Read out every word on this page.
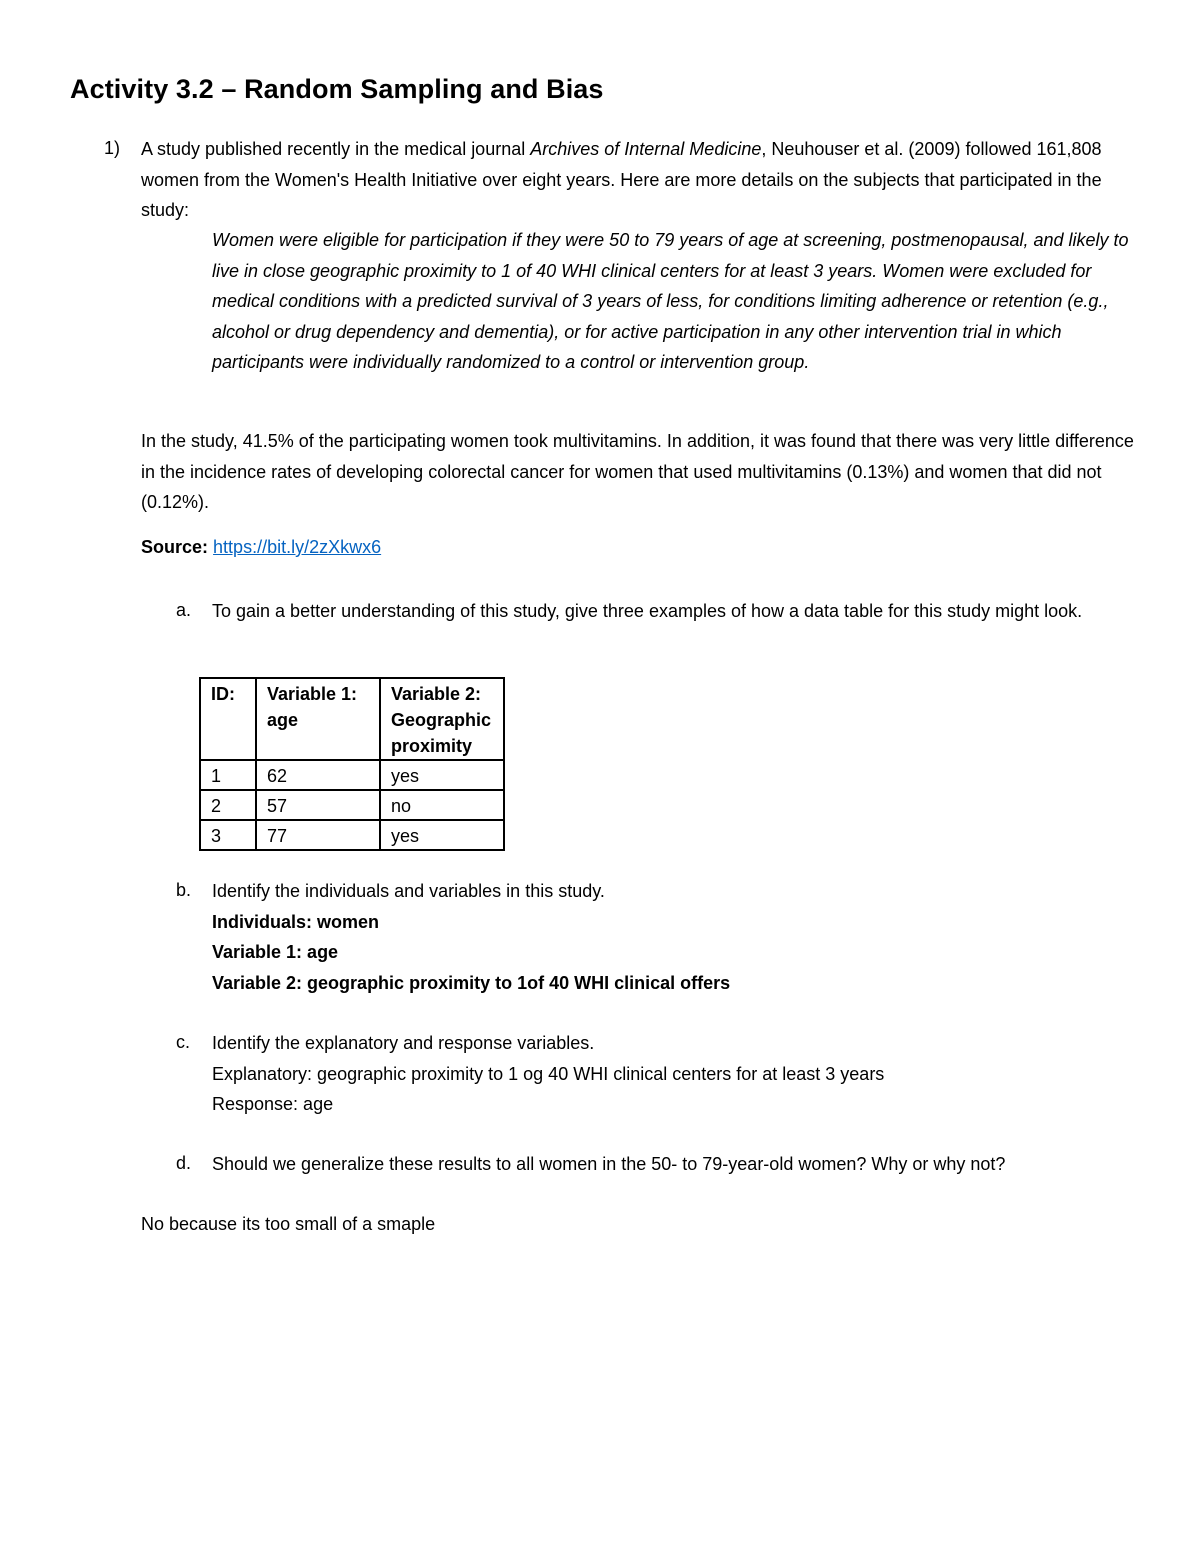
Activity 3.2 – Random Sampling and Bias
1) A study published recently in the medical journal Archives of Internal Medicine, Neuhouser et al. (2009) followed 161,808 women from the Women's Health Initiative over eight years. Here are more details on the subjects that participated in the study:
Women were eligible for participation if they were 50 to 79 years of age at screening, postmenopausal, and likely to live in close geographic proximity to 1 of 40 WHI clinical centers for at least 3 years. Women were excluded for medical conditions with a predicted survival of 3 years of less, for conditions limiting adherence or retention (e.g., alcohol or drug dependency and dementia), or for active participation in any other intervention trial in which participants were individually randomized to a control or intervention group.
In the study, 41.5% of the participating women took multivitamins. In addition, it was found that there was very little difference in the incidence rates of developing colorectal cancer for women that used multivitamins (0.13%) and women that did not (0.12%).
Source: https://bit.ly/2zXkwx6
a. To gain a better understanding of this study, give three examples of how a data table for this study might look.
ID:	Variable 1: age	Variable 2: Geographic proximity
1	62	yes
2	57	no
3	77	yes
b. Identify the individuals and variables in this study.
Individuals: women
Variable 1: age
Variable 2: geographic proximity to 1of 40 WHI clinical offers
c. Identify the explanatory and response variables.
Explanatory: geographic proximity to 1 og 40 WHI clinical centers for at least 3 years
Response: age
d. Should we generalize these results to all women in the 50- to 79-year-old women? Why or why not?
No because its too small of a smaple
